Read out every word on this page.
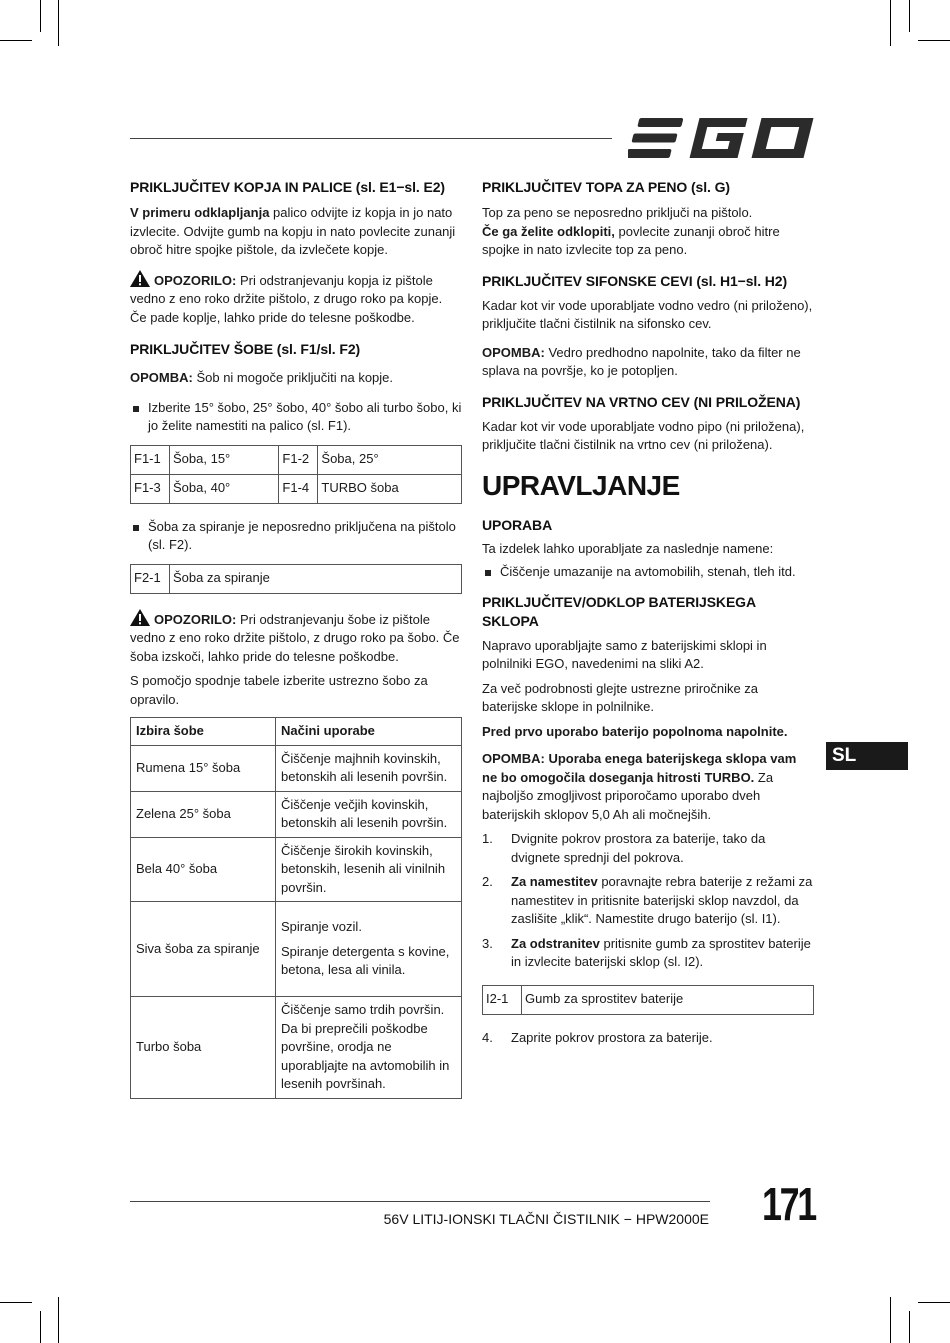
PRIKLJUČITEV KOPJA IN PALICE (sl. E1−sl. E2)

V primeru odklapljanja palico odvijte iz kopja in jo nato izvlecite. Odvijte gumb na kopju in nato povlecite zunanji obroč hitre spojke pištole, da izvlečete kopje.

OPOZORILO: Pri odstranjevanju kopja iz pištole vedno z eno roko držite pištolo, z drugo roko pa kopje. Če pade koplje, lahko pride do telesne poškodbe.

PRIKLJUČITEV ŠOBE (sl. F1/sl. F2)

OPOMBA: Šob ni mogoče priključiti na kopje.

Izberite 15° šobo, 25° šobo, 40° šobo ali turbo šobo, ki jo želite namestiti na palico (sl. F1).

F1-1	Šoba, 15°	F1-2	Šoba, 25°
F1-3	Šoba, 40°	F1-4	TURBO šoba

Šoba za spiranje je neposredno priključena na pištolo (sl. F2).

F2-1	Šoba za spiranje

OPOZORILO: Pri odstranjevanju šobe iz pištole vedno z eno roko držite pištolo, z drugo roko pa šobo. Če šoba izskoči, lahko pride do telesne poškodbe.

S pomočjo spodnje tabele izberite ustrezno šobo za opravilo.

Izbira šobe	Načini uporabe
Rumena 15° šoba	Čiščenje majhnih kovinskih, betonskih ali lesenih površin.
Zelena 25° šoba	Čiščenje večjih kovinskih, betonskih ali lesenih površin.
Bela 40° šoba	Čiščenje širokih kovinskih, betonskih, lesenih ali vinilnih površin.
Siva šoba za spiranje	Spiranje vozil.
Spiranje detergenta s kovine, betona, lesa ali vinila.

Turbo šoba	Čiščenje samo trdih površin. Da bi preprečili poškodbe površine, orodja ne uporabljajte na avtomobilih in lesenih površinah.
PRIKLJUČITEV TOPA ZA PENO (sl. G)

Top za peno se neposredno priključi na pištolo.

Če ga želite odklopiti, povlecite zunanji obroč hitre spojke in nato izvlecite top za peno.

PRIKLJUČITEV SIFONSKE CEVI (sl. H1−sl. H2)

Kadar kot vir vode uporabljate vodno vedro (ni priloženo), priključite tlačni čistilnik na sifonsko cev.

OPOMBA: Vedro predhodno napolnite, tako da filter ne splava na površje, ko je potopljen.

PRIKLJUČITEV NA VRTNO CEV (NI PRILOŽENA)

Kadar kot vir vode uporabljate vodno pipo (ni priložena), priključite tlačni čistilnik na vrtno cev (ni priložena).

UPRAVLJANJE
UPORABA

Ta izdelek lahko uporabljate za naslednje namene:

Čiščenje umazanije na avtomobilih, stenah, tleh itd.

PRIKLJUČITEV/ODKLOP BATERIJSKEGA SKLOPA

Napravo uporabljajte samo z baterijskimi sklopi in polnilniki EGO, navedenimi na sliki A2.

Za več podrobnosti glejte ustrezne priročnike za baterijske sklope in polnilnike.

Pred prvo uporabo baterijo popolnoma napolnite.

OPOMBA: Uporaba enega baterijskega sklopa vam ne bo omogočila doseganja hitrosti TURBO. Za najboljšo zmogljivost priporočamo uporabo dveh baterijskih sklopov 5,0 Ah ali močnejših.

1. Dvignite pokrov prostora za baterije, tako da dvignete sprednji del pokrova.
2. Za namestitev poravnajte rebra baterije z režami za namestitev in pritisnite baterijski sklop navzdol, da zaslišite „klik“. Namestite drugo baterijo (sl. I1).
3. Za odstranitev pritisnite gumb za sprostitev baterije in izvlecite baterijski sklop (sl. I2).
I2-1	Gumb za sprostitev baterije
4. Zaprite pokrov prostora za baterije.
SL
56V LITIJ-IONSKI TLAČNI ČISTILNIK − HPW2000E 171
